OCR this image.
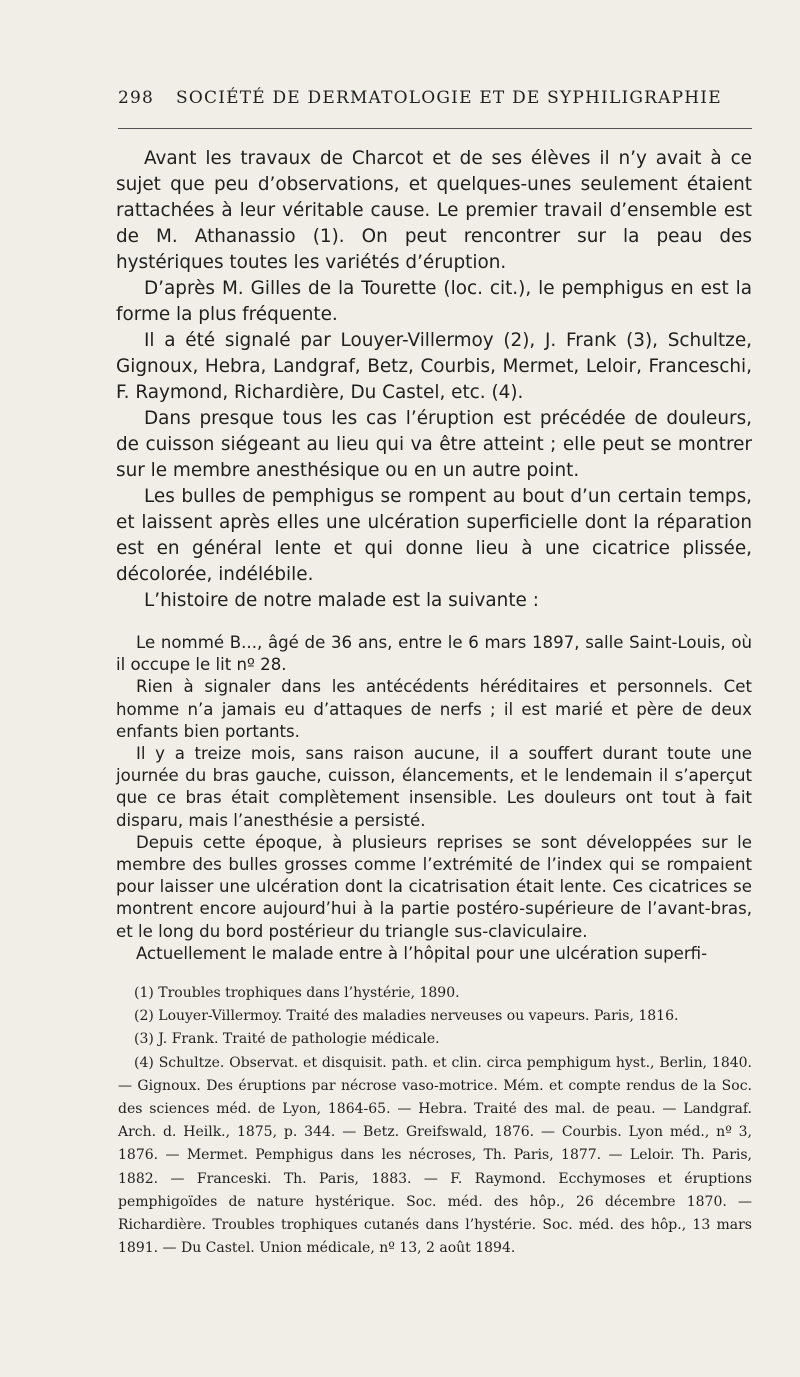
298 SOCIÉTÉ DE DERMATOLOGIE ET DE SYPHILIGRAPHIE

Avant les travaux de Charcot et de ses élèves il n’y avait à ce sujet que peu d’observations, et quelques-unes seulement étaient rattachées à leur véritable cause. Le premier travail d’ensemble est de M. Athanassio (1). On peut rencontrer sur la peau des hystériques toutes les variétés d’éruption.

D’après M. Gilles de la Tourette (loc. cit.), le pemphigus en est la forme la plus fréquente.

Il a été signalé par Louyer-Villermoy (2), J. Frank (3), Schultze, Gignoux, Hebra, Landgraf, Betz, Courbis, Mermet, Leloir, Franceschi, F. Raymond, Richardière, Du Castel, etc. (4).

Dans presque tous les cas l’éruption est précédée de douleurs, de cuisson siégeant au lieu qui va être atteint ; elle peut se montrer sur le membre anesthésique ou en un autre point.

Les bulles de pemphigus se rompent au bout d’un certain temps, et laissent après elles une ulcération superficielle dont la réparation est en général lente et qui donne lieu à une cicatrice plissée, décolorée, indélébile.

L’histoire de notre malade est la suivante :

Le nommé B..., âgé de 36 ans, entre le 6 mars 1897, salle Saint-Louis, où il occupe le lit nº 28.

Rien à signaler dans les antécédents héréditaires et personnels. Cet homme n’a jamais eu d’attaques de nerfs ; il est marié et père de deux enfants bien portants.

Il y a treize mois, sans raison aucune, il a souffert durant toute une journée du bras gauche, cuisson, élancements, et le lendemain il s’aperçut que ce bras était complètement insensible. Les douleurs ont tout à fait disparu, mais l’anesthésie a persisté.

Depuis cette époque, à plusieurs reprises se sont développées sur le membre des bulles grosses comme l’extrémité de l’index qui se rompaient pour laisser une ulcération dont la cicatrisation était lente. Ces cicatrices se montrent encore aujourd’hui à la partie postéro-supérieure de l’avant-bras, et le long du bord postérieur du triangle sus-claviculaire.

Actuellement le malade entre à l’hôpital pour une ulcération superfi-

(1) Troubles trophiques dans l’hystérie, 1890.

(2) Louyer-Villermoy. Traité des maladies nerveuses ou vapeurs. Paris, 1816.

(3) J. Frank. Traité de pathologie médicale.

(4) Schultze. Observat. et disquisit. path. et clin. circa pemphigum hyst., Berlin, 1840. — Gignoux. Des éruptions par nécrose vaso-motrice. Mém. et compte rendus de la Soc. des sciences méd. de Lyon, 1864-65. — Hebra. Traité des mal. de peau. — Landgraf. Arch. d. Heilk., 1875, p. 344. — Betz. Greifswald, 1876. — Courbis. Lyon méd., nº 3, 1876. — Mermet. Pemphigus dans les nécroses, Th. Paris, 1877. — Leloir. Th. Paris, 1882. — Franceski. Th. Paris, 1883. — F. Raymond. Ecchymoses et éruptions pemphigoïdes de nature hystérique. Soc. méd. des hôp., 26 décembre 1870. — Richardière. Troubles trophiques cutanés dans l’hystérie. Soc. méd. des hôp., 13 mars 1891. — Du Castel. Union médicale, nº 13, 2 août 1894.
